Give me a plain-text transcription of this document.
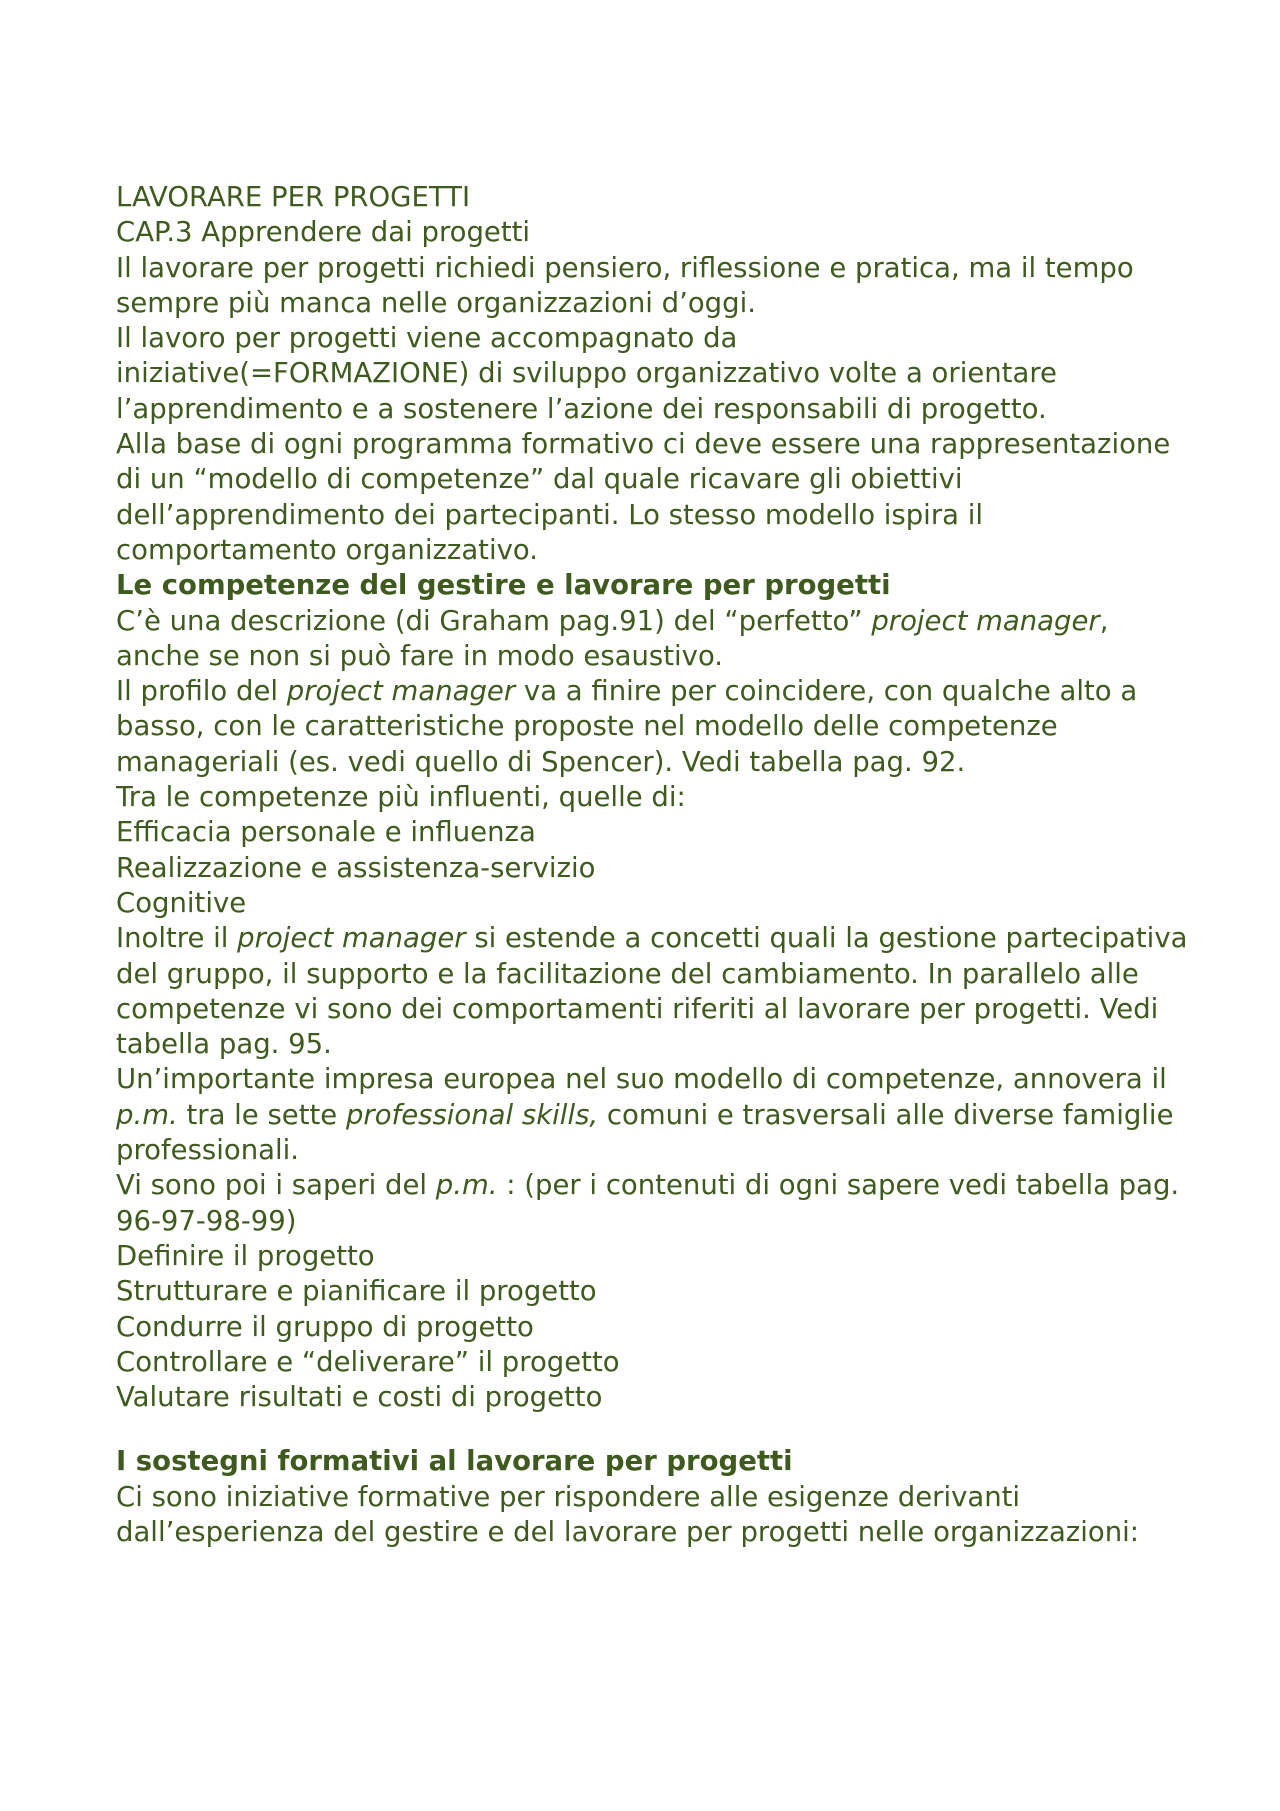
LAVORARE PER PROGETTI

CAP.3 Apprendere dai progetti

Il lavorare per progetti richiedi pensiero, riflessione e pratica, ma il tempo sempre più manca nelle organizzazioni d’oggi.

Il lavoro per progetti viene accompagnato da

iniziative(=FORMAZIONE) di sviluppo organizzativo volte a orientare l’apprendimento e a sostenere l’azione dei responsabili di progetto.

Alla base di ogni programma formativo ci deve essere una rappresentazione di un “modello di competenze” dal quale ricavare gli obiettivi dell’apprendimento dei partecipanti. Lo stesso modello ispira il comportamento organizzativo.

Le competenze del gestire e lavorare per progetti

C’è una descrizione (di Graham pag.91) del “perfetto” project manager, anche se non si può fare in modo esaustivo.

Il profilo del project manager va a finire per coincidere, con qualche alto a basso, con le caratteristiche proposte nel modello delle competenze manageriali (es. vedi quello di Spencer). Vedi tabella pag. 92.

Tra le competenze più influenti, quelle di:

Efficacia personale e influenza
Realizzazione e assistenza-servizio
Cognitive

Inoltre il project manager si estende a concetti quali la gestione partecipativa del gruppo, il supporto e la facilitazione del cambiamento. In parallelo alle competenze vi sono dei comportamenti riferiti al lavorare per progetti. Vedi tabella pag. 95.

Un’importante impresa europea nel suo modello di competenze, annovera il p.m. tra le sette professional skills, comuni e trasversali alle diverse famiglie professionali.

Vi sono poi i saperi del p.m. : (per i contenuti di ogni sapere vedi tabella pag. 96-97-98-99)

Definire il progetto
Strutturare e pianificare il progetto
Condurre il gruppo di progetto
Controllare e “deliverare” il progetto
Valutare risultati e costi di progetto
I sostegni formativi al lavorare per progetti

Ci sono iniziative formative per rispondere alle esigenze derivanti dall’esperienza del gestire e del lavorare per progetti nelle organizzazioni:
